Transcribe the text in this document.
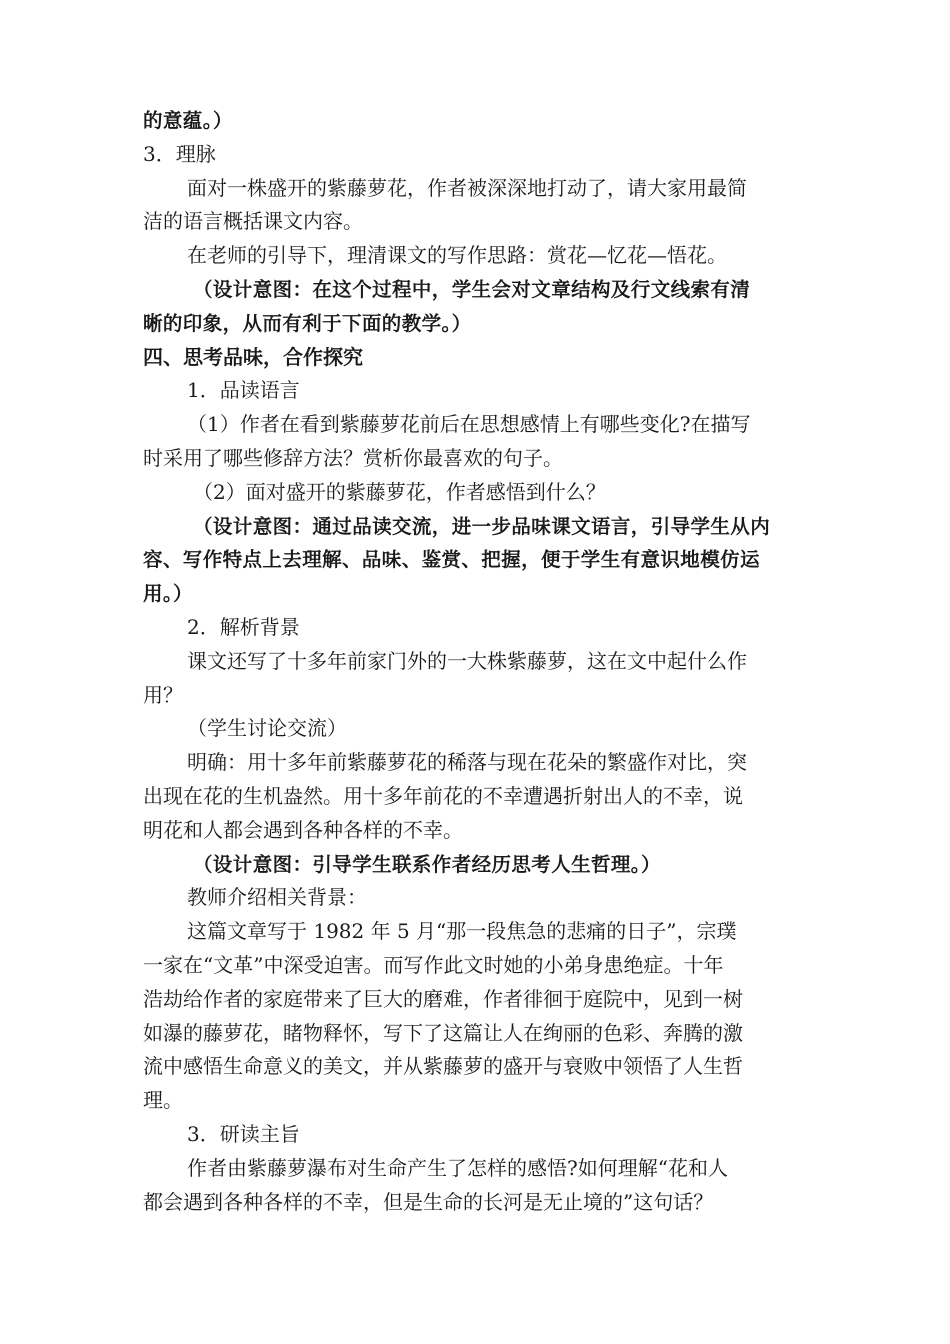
的意蕴。）
3．理脉
面对一株盛开的紫藤萝花，作者被深深地打动了，请大家用最简
洁的语言概括课文内容。
在老师的引导下，理清课文的写作思路：赏花—忆花—悟花。
（设计意图：在这个过程中，学生会对文章结构及行文线索有清
晰的印象，从而有利于下面的教学。）
四、思考品味，合作探究
1．品读语言
（1）作者在看到紫藤萝花前后在思想感情上有哪些变化?在描写
时采用了哪些修辞方法？赏析你最喜欢的句子。
（2）面对盛开的紫藤萝花，作者感悟到什么？
（设计意图：通过品读交流，进一步品味课文语言，引导学生从内
容、写作特点上去理解、品味、鉴赏、把握，便于学生有意识地模仿运
用。）
2．解析背景
课文还写了十多年前家门外的一大株紫藤萝，这在文中起什么作
用？
（学生讨论交流）
明确：用十多年前紫藤萝花的稀落与现在花朵的繁盛作对比，突
出现在花的生机盎然。用十多年前花的不幸遭遇折射出人的不幸，说
明花和人都会遇到各种各样的不幸。
（设计意图：引导学生联系作者经历思考人生哲理。）
教师介绍相关背景：
这篇文章写于 1982 年 5 月“那一段焦急的悲痛的日子”，宗璞
一家在“文革”中深受迫害。而写作此文时她的小弟身患绝症。十年
浩劫给作者的家庭带来了巨大的磨难，作者徘徊于庭院中，见到一树
如瀑的藤萝花，睹物释怀，写下了这篇让人在绚丽的色彩、奔腾的激
流中感悟生命意义的美文，并从紫藤萝的盛开与衰败中领悟了人生哲
理。
3．研读主旨
作者由紫藤萝瀑布对生命产生了怎样的感悟?如何理解“花和人
都会遇到各种各样的不幸，但是生命的长河是无止境的”这句话？
